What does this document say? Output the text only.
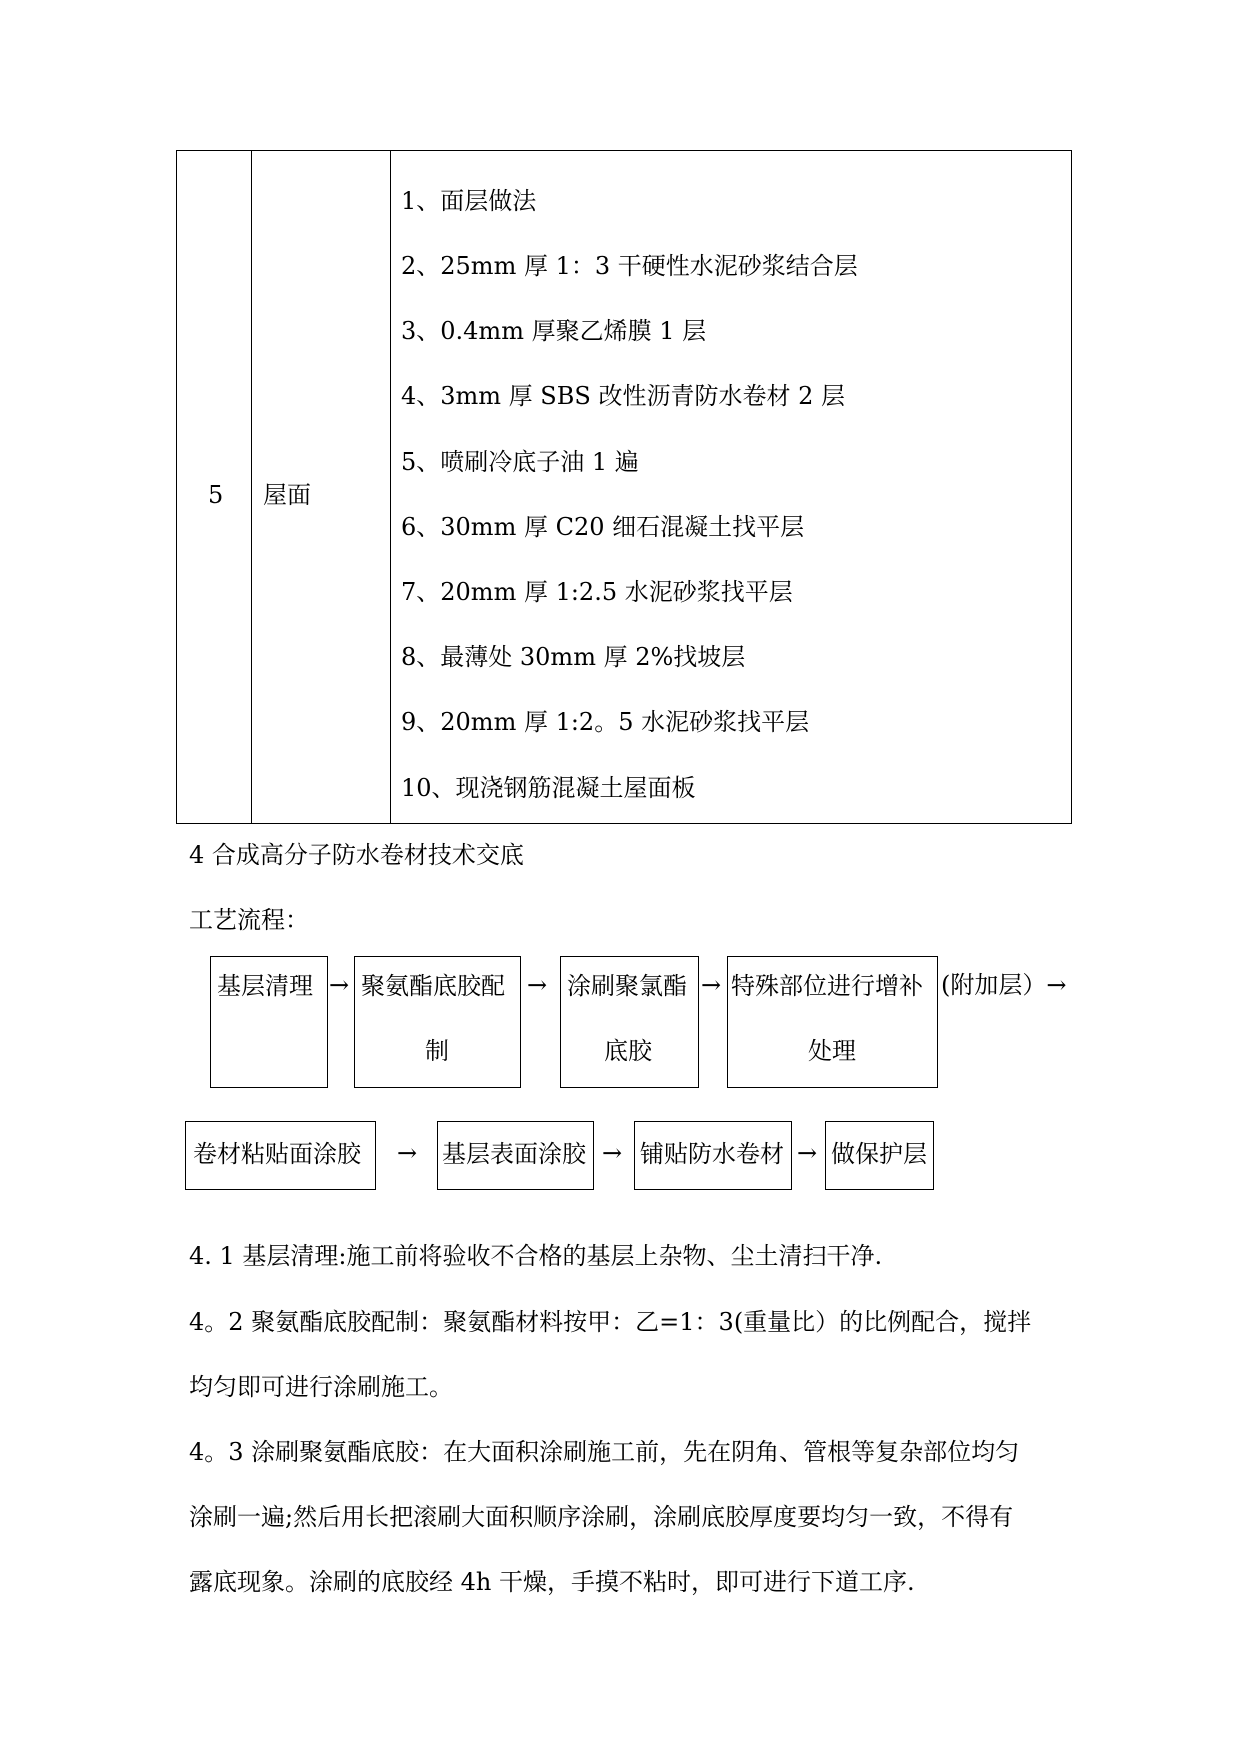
5 屋面
1、面层做法
2、25mm 厚 1：3 干硬性水泥砂浆结合层
3、0.4mm 厚聚乙烯膜 1 层
4、3mm 厚 SBS 改性沥青防水卷材 2 层
5、喷刷冷底子油 1 遍
6、30mm 厚 C20 细石混凝土找平层
7、20mm 厚 1:2.5 水泥砂浆找平层
8、最薄处 30mm 厚 2%找坡层
9、20mm 厚 1:2。5 水泥砂浆找平层
10、现浇钢筋混凝土屋面板
4 合成高分子防水卷材技术交底
工艺流程：
基层清理 → 聚氨酯底胶配
制
→ 涂刷聚氯酯
底胶
→ 特殊部位进行增补
处理
(附加层）→
卷材粘贴面涂胶 → 基层表面涂胶 → 铺贴防水卷材 → 做保护层
4. 1 基层清理:施工前将验收不合格的基层上杂物、尘土清扫干净.
4。2 聚氨酯底胶配制：聚氨酯材料按甲：乙=1：3(重量比）的比例配合，搅拌
均匀即可进行涂刷施工。
4。3 涂刷聚氨酯底胶：在大面积涂刷施工前，先在阴角、管根等复杂部位均匀
涂刷一遍;然后用长把滚刷大面积顺序涂刷，涂刷底胶厚度要均匀一致，不得有
露底现象。涂刷的底胶经 4h 干燥，手摸不粘时，即可进行下道工序.
